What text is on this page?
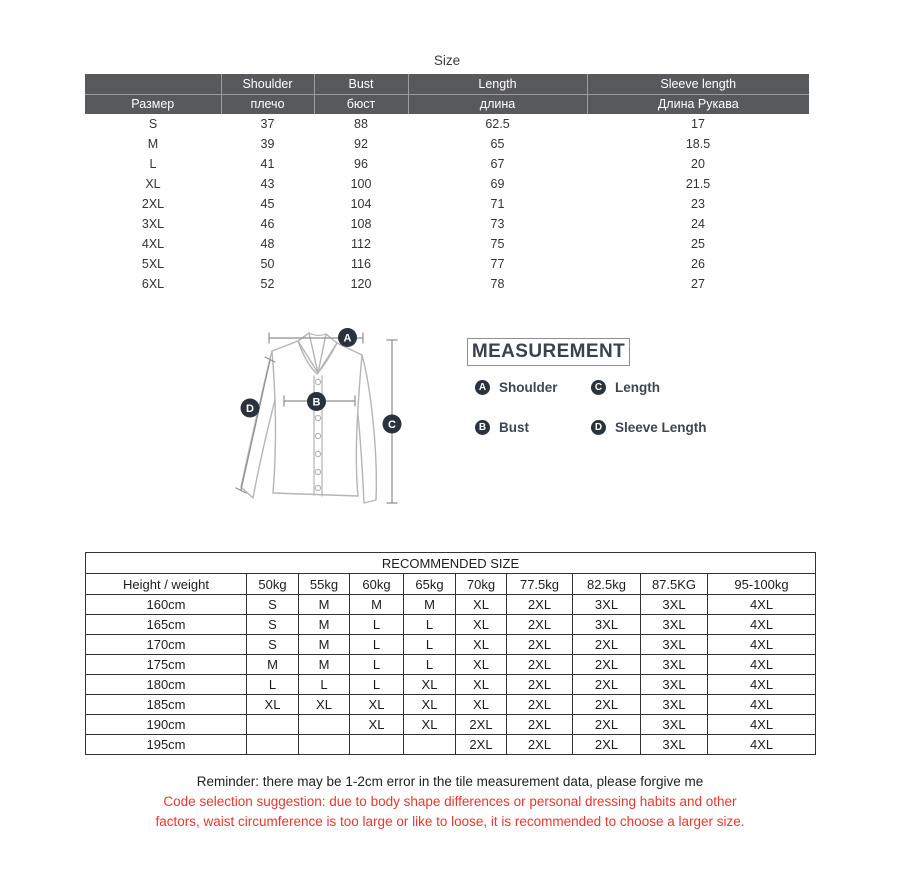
Size
	Shoulder	Bust	Length	Sleeve length
Размер	плечо	бюст	длина	Длина Рукава
S	37	88	62.5	17
M	39	92	65	18.5
L	41	96	67	20
XL	43	100	69	21.5
2XL	45	104	71	23
3XL	46	108	73	24
4XL	48	112	75	25
5XL	50	116	77	26
6XL	52	120	78	27
A
B
C
D
MEASUREMENT
A Shoulder	C Length
B Bust	D Sleeve Length
RECOMMENDED SIZE									
Height / weight	50kg	55kg	60kg	65kg	70kg	77.5kg	82.5kg	87.5KG	95-100kg
160cm	S	M	M	M	XL	2XL	3XL	3XL	4XL
165cm	S	M	L	L	XL	2XL	3XL	3XL	4XL
170cm	S	M	L	L	XL	2XL	2XL	3XL	4XL
175cm	M	M	L	L	XL	2XL	2XL	3XL	4XL
180cm	L	L	L	XL	XL	2XL	2XL	3XL	4XL
185cm	XL	XL	XL	XL	XL	2XL	2XL	3XL	4XL
190cm			XL	XL	2XL	2XL	2XL	3XL	4XL
195cm					2XL	2XL	2XL	3XL	4XL
Reminder: there may be 1-2cm error in the tile measurement data, please forgive me
Code selection suggestion: due to body shape differences or personal dressing habits and other
factors, waist circumference is too large or like to loose, it is recommended to choose a larger size.
